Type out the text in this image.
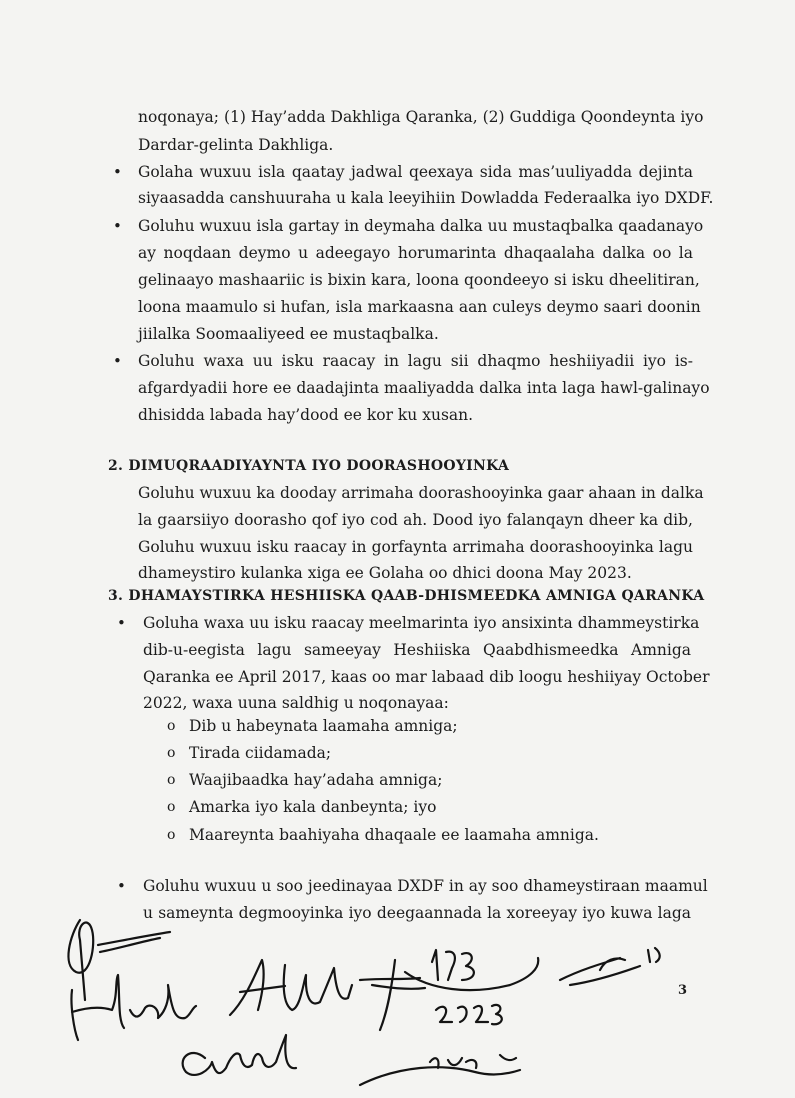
noqonaya; (1) Hay’adda Dakhliga Qaranka, (2) Guddiga Qoondeynta iyo
Dardar-gelinta Dakhliga.
• Golaha wuxuu isla qaatay jadwal qeexaya sida mas’uuliyadda dejinta
siyaasadda canshuuraha u kala leeyihiin Dowladda Federaalka iyo DXDF.
• Goluhu wuxuu isla gartay in deymaha dalka uu mustaqbalka qaadanayo
ay noqdaan deymo u adeegayo horumarinta dhaqaalaha dalka oo la
gelinaayo mashaariic is bixin kara, loona qoondeeyo si isku dheelitiran,
loona maamulo si hufan, isla markaasna aan culeys deymo saari doonin
jiilalka Soomaaliyeed ee mustaqbalka.
• Goluhu waxa uu isku raacay in lagu sii dhaqmo heshiiyadii iyo is-
afgardyadii hore ee daadajinta maaliyadda dalka inta laga hawl-galinayo
dhisidda labada hay’dood ee kor ku xusan.
2. DIMUQRAADIYAYNTA IYO DOORASHOOYINKA
Goluhu wuxuu ka dooday arrimaha doorashooyinka gaar ahaan in dalka
la gaarsiiyo doorasho qof iyo cod ah. Dood iyo falanqayn dheer ka dib,
Goluhu wuxuu isku raacay in gorfaynta arrimaha doorashooyinka lagu
dhameystiro kulanka xiga ee Golaha oo dhici doona May 2023.
3. DHAMAYSTIRKA HESHIISKA QAAB-DHISMEEDKA AMNIGA QARANKA
• Goluha waxa uu isku raacay meelmarinta iyo ansixinta dhammeystirka
dib-u-eegista lagu sameeyay Heshiiska Qaabdhismeedka Amniga
Qaranka ee April 2017, kaas oo mar labaad dib loogu heshiiyay October
2022, waxa uuna saldhig u noqonayaa:
o Dib u habeynata laamaha amniga;
o Tirada ciidamada;
o Waajibaadka hay’adaha amniga;
o Amarka iyo kala danbeynta; iyo
o Maareynta baahiyaha dhaqaale ee laamaha amniga.
• Goluhu wuxuu u soo jeedinayaa DXDF in ay soo dhameystiraan maamul
u sameynta degmooyinka iyo deegaannada la xoreeyay iyo kuwa laga
3
